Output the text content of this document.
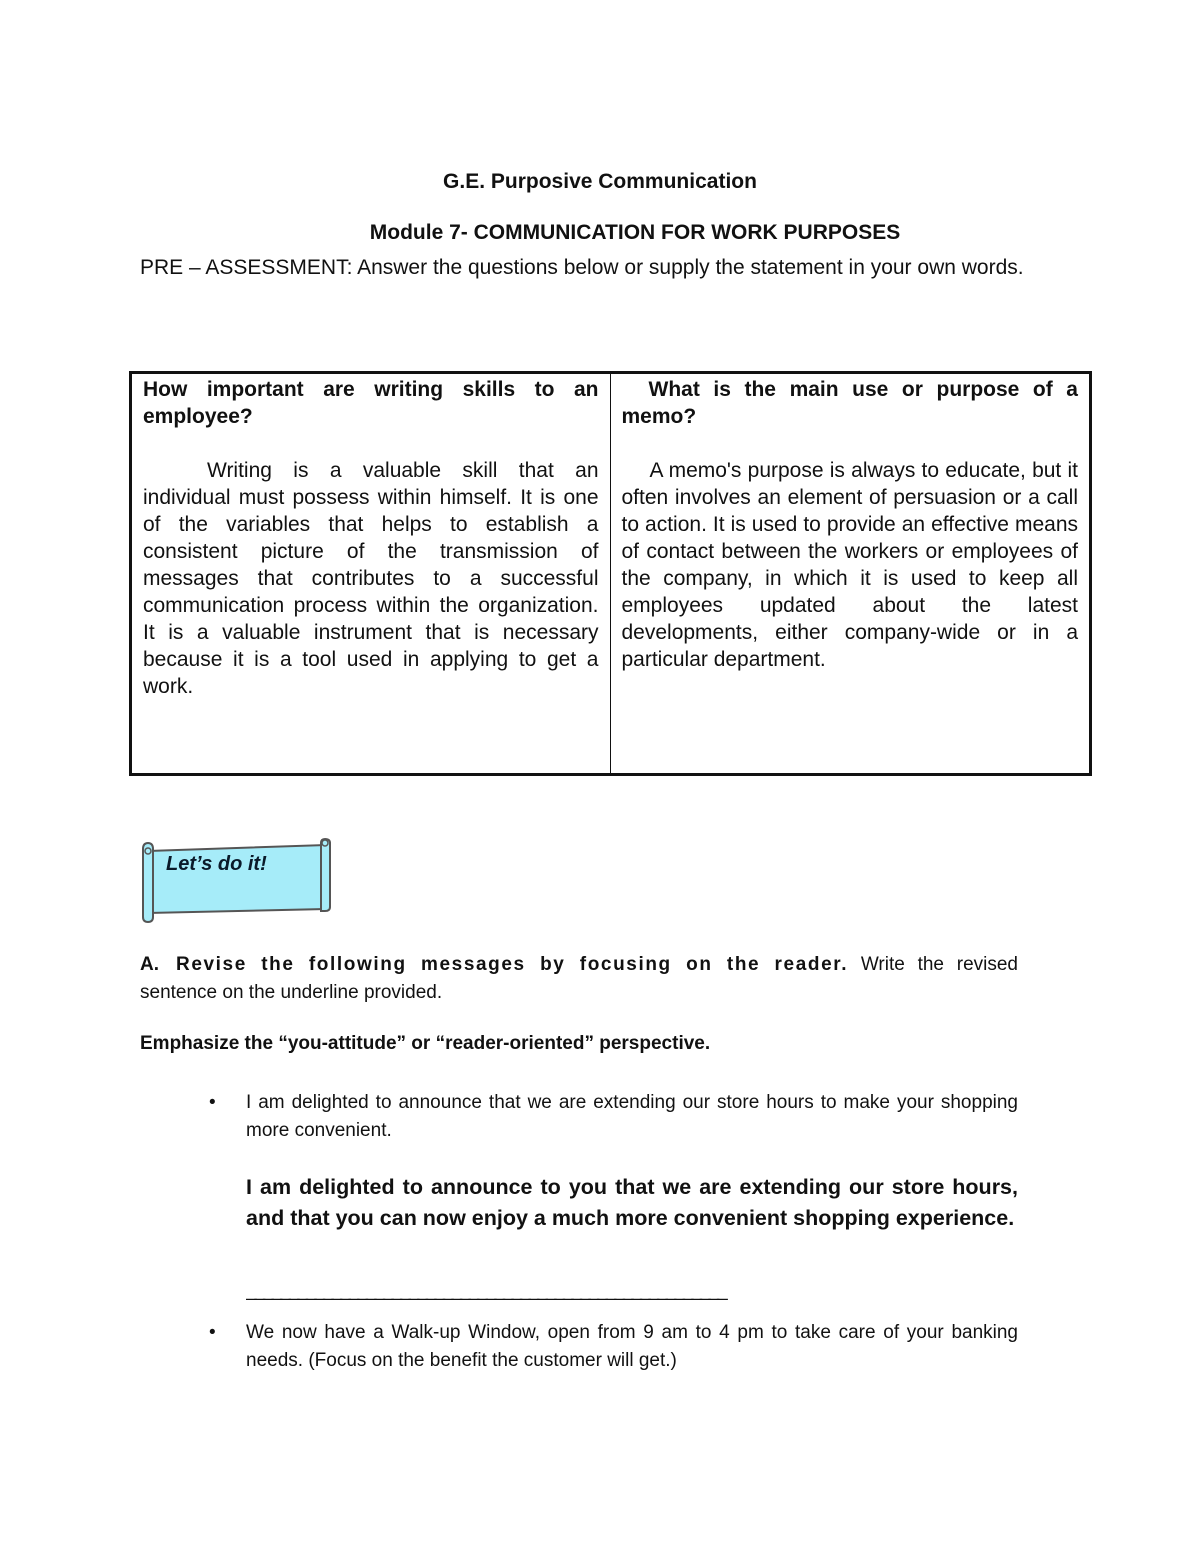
G.E. Purposive Communication

Module 7- COMMUNICATION FOR WORK PURPOSES

PRE – ASSESSMENT: Answer the questions below or supply the statement in your own words.

How important are writing skills to an employee?

Writing is a valuable skill that an individual must possess within himself. It is one of the variables that helps to establish a consistent picture of the transmission of messages that contributes to a successful communication process within the organization. It is a valuable instrument that is necessary because it is a tool used in applying to get a work.

What is the main use or purpose of a memo?

A memo's purpose is always to educate, but it often involves an element of persuasion or a call to action. It is used to provide an effective means of contact between the workers or employees of the company, in which it is used to keep all employees updated about the latest developments, either company-wide or in a particular department.

Let’s do it!

A. Revise the following messages by focusing on the reader. Write the revised sentence on the underline provided.

Emphasize the “you-attitude” or “reader-oriented” perspective.

• I am delighted to announce that we are extending our store hours to make your shopping more convenient.

I am delighted to announce to you that we are extending our store hours, and that you can now enjoy a much more convenient shopping experience.

________________________________________________________

• We now have a Walk-up Window, open from 9 am to 4 pm to take care of your banking needs. (Focus on the benefit the customer will get.)
